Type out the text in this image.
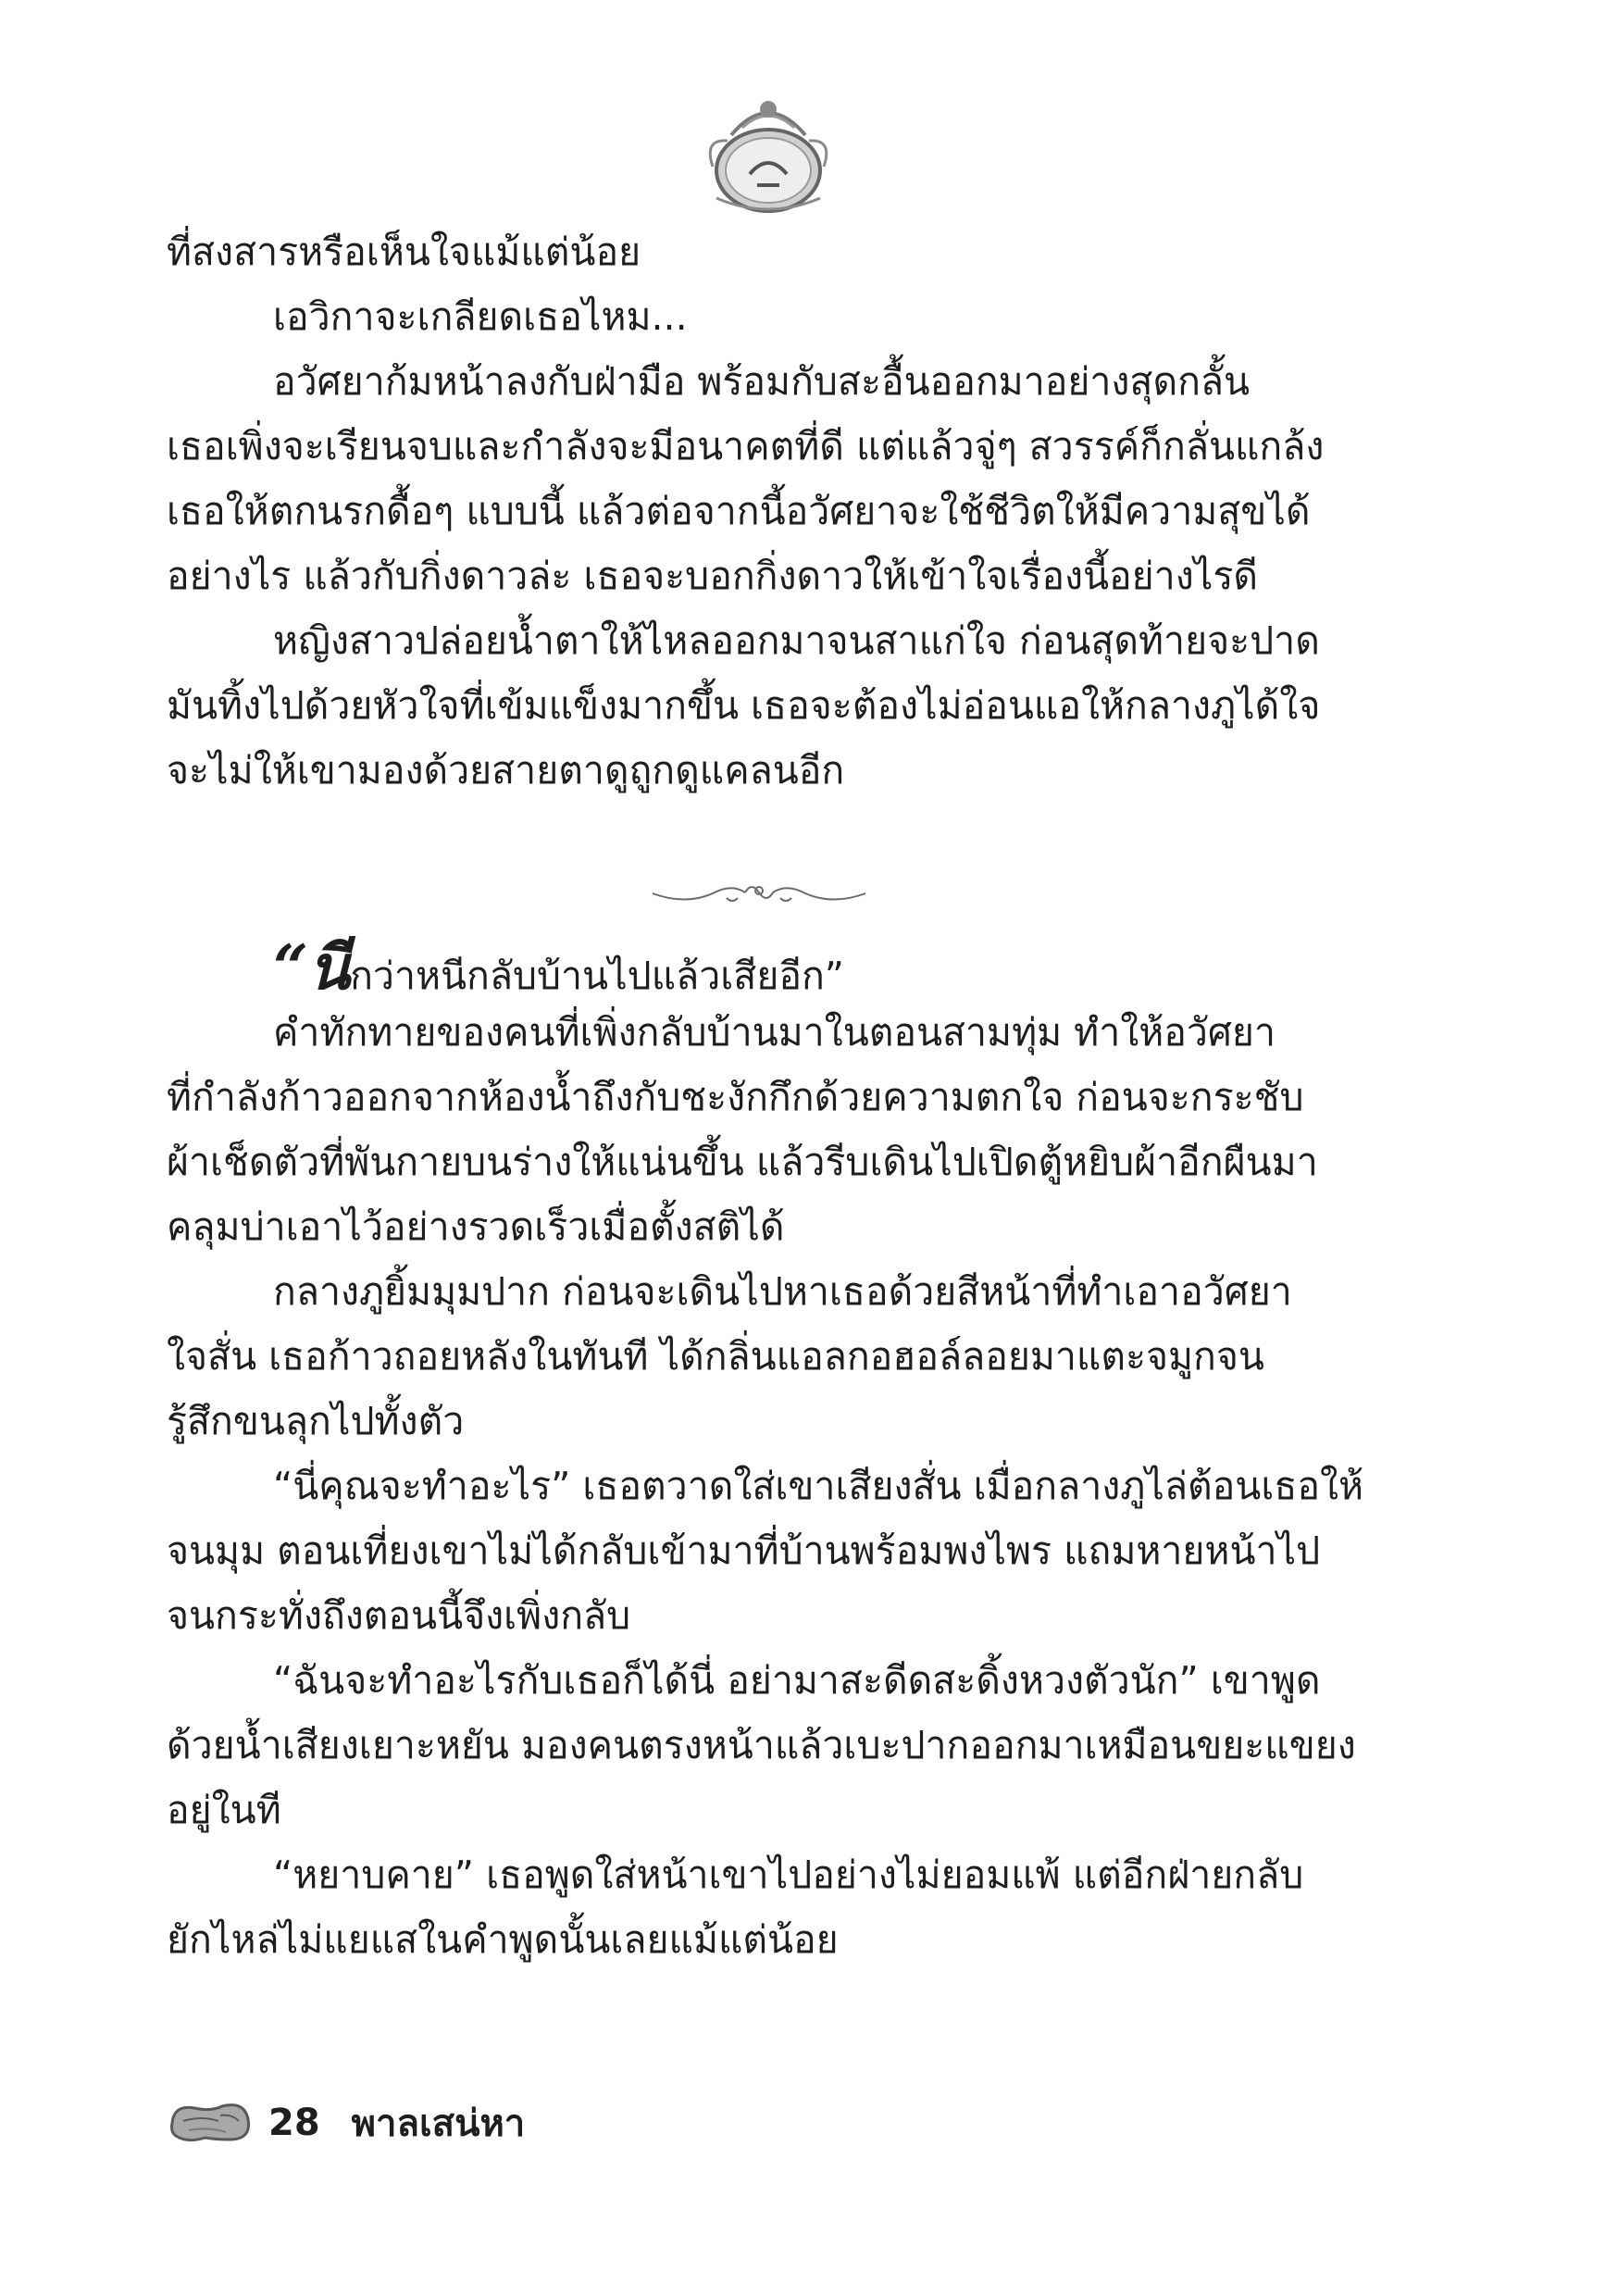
ที่สงสารหรือเห็นใจแม้แต่น้อย
เอวิกาจะเกลียดเธอไหม...
อวัศยาก้มหน้าลงกับฝ่ามือ พร้อมกับสะอื้นออกมาอย่างสุดกลั้น
เธอเพิ่งจะเรียนจบและกำลังจะมีอนาคตที่ดี แต่แล้วจู่ๆ สวรรค์ก็กลั่นแกล้ง
เธอให้ตกนรกดื้อๆ แบบนี้ แล้วต่อจากนี้อวัศยาจะใช้ชีวิตให้มีความสุขได้
อย่างไร แล้วกับกิ่งดาวล่ะ เธอจะบอกกิ่งดาวให้เข้าใจเรื่องนี้อย่างไรดี
หญิงสาวปล่อยน้ำตาให้ไหลออกมาจนสาแก่ใจ ก่อนสุดท้ายจะปาด
มันทิ้งไปด้วยหัวใจที่เข้มแข็งมากขึ้น เธอจะต้องไม่อ่อนแอให้กลางภูได้ใจ
จะไม่ให้เขามองด้วยสายตาดูถูกดูแคลนอีก
“นีกว่าหนีกลับบ้านไปแล้วเสียอีก”
คำทักทายของคนที่เพิ่งกลับบ้านมาในตอนสามทุ่ม ทำให้อวัศยา
ที่กำลังก้าวออกจากห้องน้ำถึงกับชะงักกึกด้วยความตกใจ ก่อนจะกระชับ
ผ้าเช็ดตัวที่พันกายบนร่างให้แน่นขึ้น แล้วรีบเดินไปเปิดตู้หยิบผ้าอีกผืนมา
คลุมบ่าเอาไว้อย่างรวดเร็วเมื่อตั้งสติได้
กลางภูยิ้มมุมปาก ก่อนจะเดินไปหาเธอด้วยสีหน้าที่ทำเอาอวัศยา
ใจสั่น เธอก้าวถอยหลังในทันที ได้กลิ่นแอลกอฮอล์ลอยมาแตะจมูกจน
รู้สึกขนลุกไปทั้งตัว
“นี่คุณจะทำอะไร” เธอตวาดใส่เขาเสียงสั่น เมื่อกลางภูไล่ต้อนเธอให้
จนมุม ตอนเที่ยงเขาไม่ได้กลับเข้ามาที่บ้านพร้อมพงไพร แถมหายหน้าไป
จนกระทั่งถึงตอนนี้จึงเพิ่งกลับ
“ฉันจะทำอะไรกับเธอก็ได้นี่ อย่ามาสะดีดสะดิ้งหวงตัวนัก” เขาพูด
ด้วยน้ำเสียงเยาะหยัน มองคนตรงหน้าแล้วเบะปากออกมาเหมือนขยะแขยง
อยู่ในที
“หยาบคาย” เธอพูดใส่หน้าเขาไปอย่างไม่ยอมแพ้ แต่อีกฝ่ายกลับ
ยักไหล่ไม่แยแสในคำพูดนั้นเลยแม้แต่น้อย
28 พาลเสน่หา
